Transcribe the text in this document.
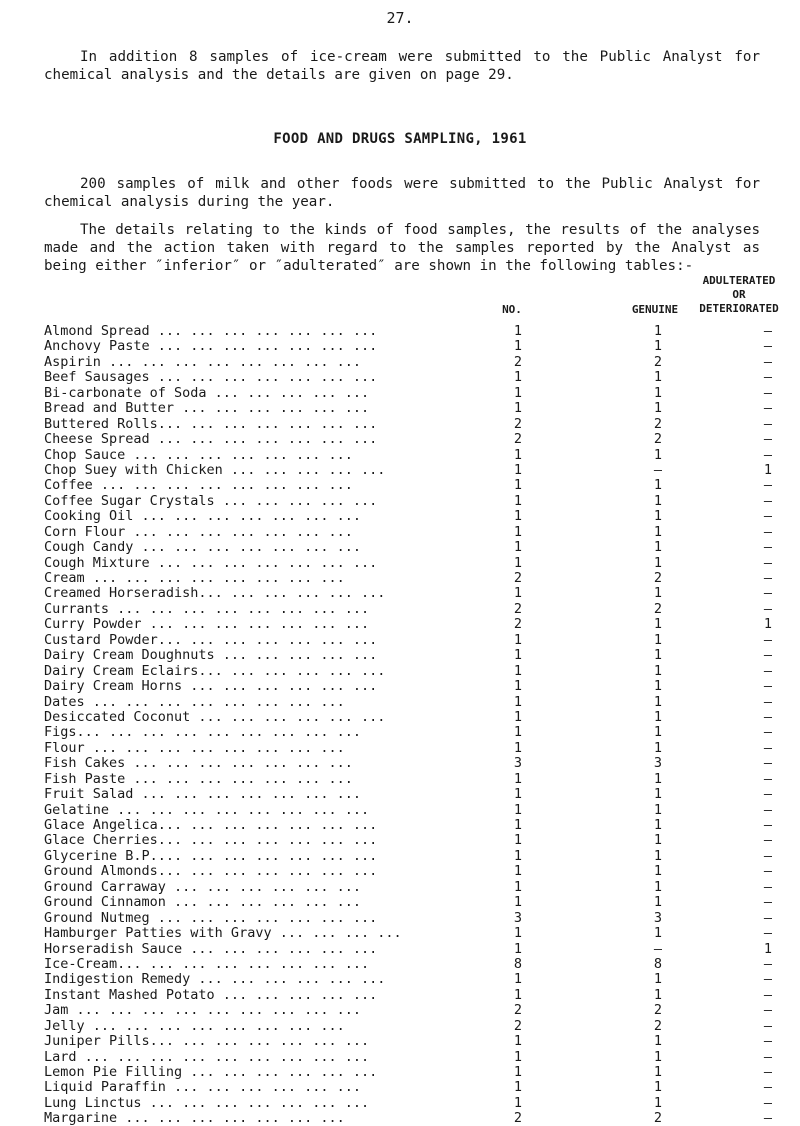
27.
In addition 8 samples of ice-cream were submitted to the Public Analyst for chemical analysis and the details are given on page 29.
FOOD AND DRUGS SAMPLING, 1961
200 samples of milk and other foods were submitted to the Public Analyst for chemical analysis during the year.
The details relating to the kinds of food samples, the results of the analyses made and the action taken with regard to the samples reported by the Analyst as being either ″inferior″ or ″adulterated″ are shown in the following tables:-
NO.	GENUINE
ADULTERATED
OR
DETERIORATED
Almond Spread ... ... ... ... ... ... ...	1	1	–
Anchovy Paste ... ... ... ... ... ... ...	1	1	–
Aspirin ... ... ... ... ... ... ... ...	2	2	–
Beef Sausages ... ... ... ... ... ... ...	1	1	–
Bi-carbonate of Soda ... ... ... ... ...	1	1	–
Bread and Butter ... ... ... ... ... ...	1	1	–
Buttered Rolls... ... ... ... ... ... ...	2	2	–
Cheese Spread ... ... ... ... ... ... ...	2	2	–
Chop Sauce ... ... ... ... ... ... ...	1	1	–
Chop Suey with Chicken ... ... ... ... ...	1	–	1
Coffee ... ... ... ... ... ... ... ...	1	1	–
Coffee Sugar Crystals ... ... ... ... ...	1	1	–
Cooking Oil ... ... ... ... ... ... ...	1	1	–
Corn Flour ... ... ... ... ... ... ...	1	1	–
Cough Candy ... ... ... ... ... ... ...	1	1	–
Cough Mixture ... ... ... ... ... ... ...	1	1	–
Cream ... ... ... ... ... ... ... ...	2	2	–
Creamed Horseradish... ... ... ... ... ...	1	1	–
Currants ... ... ... ... ... ... ... ...	2	2	–
Curry Powder ... ... ... ... ... ... ...	2	1	1
Custard Powder... ... ... ... ... ... ...	1	1	–
Dairy Cream Doughnuts ... ... ... ... ...	1	1	–
Dairy Cream Eclairs... ... ... ... ... ...	1	1	–
Dairy Cream Horns ... ... ... ... ... ...	1	1	–
Dates ... ... ... ... ... ... ... ...	1	1	–
Desiccated Coconut ... ... ... ... ... ...	1	1	–
Figs... ... ... ... ... ... ... ... ...	1	1	–
Flour ... ... ... ... ... ... ... ...	1	1	–
Fish Cakes ... ... ... ... ... ... ...	3	3	–
Fish Paste ... ... ... ... ... ... ...	1	1	–
Fruit Salad ... ... ... ... ... ... ...	1	1	–
Gelatine ... ... ... ... ... ... ... ...	1	1	–
Glace Angelica... ... ... ... ... ... ...	1	1	–
Glace Cherries... ... ... ... ... ... ...	1	1	–
Glycerine B.P.... ... ... ... ... ... ...	1	1	–
Ground Almonds... ... ... ... ... ... ...	1	1	–
Ground Carraway ... ... ... ... ... ...	1	1	–
Ground Cinnamon ... ... ... ... ... ...	1	1	–
Ground Nutmeg ... ... ... ... ... ... ...	3	3	–
Hamburger Patties with Gravy ... ... ... ...	1	1	–
Horseradish Sauce ... ... ... ... ... ...	1	–	1
Ice-Cream... ... ... ... ... ... ... ...	8	8	–
Indigestion Remedy ... ... ... ... ... ...	1	1	–
Instant Mashed Potato ... ... ... ... ...	1	1	–
Jam ... ... ... ... ... ... ... ... ...	2	2	–
Jelly ... ... ... ... ... ... ... ...	2	2	–
Juniper Pills... ... ... ... ... ... ...	1	1	–
Lard ... ... ... ... ... ... ... ... ...	1	1	–
Lemon Pie Filling ... ... ... ... ... ...	1	1	–
Liquid Paraffin ... ... ... ... ... ...	1	1	–
Lung Linctus ... ... ... ... ... ... ...	1	1	–
Margarine ... ... ... ... ... ... ...	2	2	–
